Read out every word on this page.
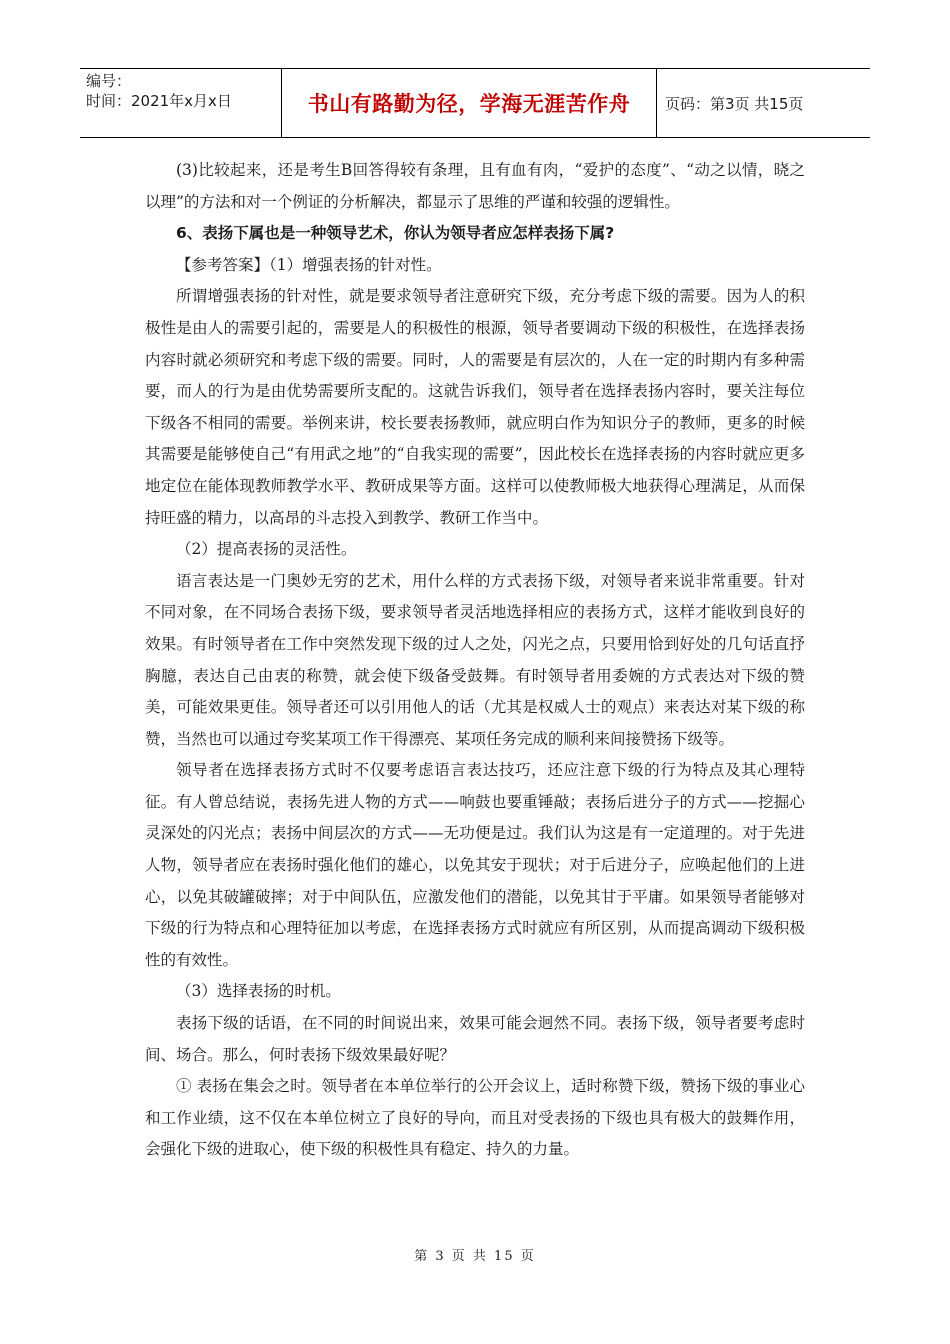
编号：
时间：2021年x月x日	书山有路勤为径，学海无涯苦作舟	页码：第3页 共15页

(3)比较起来，还是考生B回答得较有条理，且有血有肉，“爱护的态度”、“动之以情，晓之以理”的方法和对一个例证的分析解决，都显示了思维的严谨和较强的逻辑性。

6、表扬下属也是一种领导艺术，你认为领导者应怎样表扬下属?

【参考答案】（1）增强表扬的针对性。

所谓增强表扬的针对性，就是要求领导者注意研究下级，充分考虑下级的需要。因为人的积极性是由人的需要引起的，需要是人的积极性的根源，领导者要调动下级的积极性，在选择表扬内容时就必须研究和考虑下级的需要。同时，人的需要是有层次的，人在一定的时期内有多种需要，而人的行为是由优势需要所支配的。这就告诉我们，领导者在选择表扬内容时，要关注每位下级各不相同的需要。举例来讲，校长要表扬教师，就应明白作为知识分子的教师，更多的时候其需要是能够使自己“有用武之地”的“自我实现的需要”，因此校长在选择表扬的内容时就应更多地定位在能体现教师教学水平、教研成果等方面。这样可以使教师极大地获得心理满足，从而保持旺盛的精力，以高昂的斗志投入到教学、教研工作当中。

（2）提高表扬的灵活性。

语言表达是一门奥妙无穷的艺术，用什么样的方式表扬下级，对领导者来说非常重要。针对不同对象，在不同场合表扬下级，要求领导者灵活地选择相应的表扬方式，这样才能收到良好的效果。有时领导者在工作中突然发现下级的过人之处，闪光之点，只要用恰到好处的几句话直抒胸臆，表达自己由衷的称赞，就会使下级备受鼓舞。有时领导者用委婉的方式表达对下级的赞美，可能效果更佳。领导者还可以引用他人的话（尤其是权威人士的观点）来表达对某下级的称赞，当然也可以通过夸奖某项工作干得漂亮、某项任务完成的顺利来间接赞扬下级等。

领导者在选择表扬方式时不仅要考虑语言表达技巧，还应注意下级的行为特点及其心理特征。有人曾总结说，表扬先进人物的方式——响鼓也要重锤敲；表扬后进分子的方式——挖掘心灵深处的闪光点；表扬中间层次的方式——无功便是过。我们认为这是有一定道理的。对于先进人物，领导者应在表扬时强化他们的雄心，以免其安于现状；对于后进分子，应唤起他们的上进心，以免其破罐破摔；对于中间队伍，应激发他们的潜能，以免其甘于平庸。如果领导者能够对下级的行为特点和心理特征加以考虑，在选择表扬方式时就应有所区别，从而提高调动下级积极性的有效性。

（3）选择表扬的时机。

表扬下级的话语，在不同的时间说出来，效果可能会迥然不同。表扬下级，领导者要考虑时间、场合。那么，何时表扬下级效果最好呢？

① 表扬在集会之时。领导者在本单位举行的公开会议上，适时称赞下级，赞扬下级的事业心和工作业绩，这不仅在本单位树立了良好的导向，而且对受表扬的下级也具有极大的鼓舞作用，会强化下级的进取心，使下级的积极性具有稳定、持久的力量。

第 3 页 共 15 页
